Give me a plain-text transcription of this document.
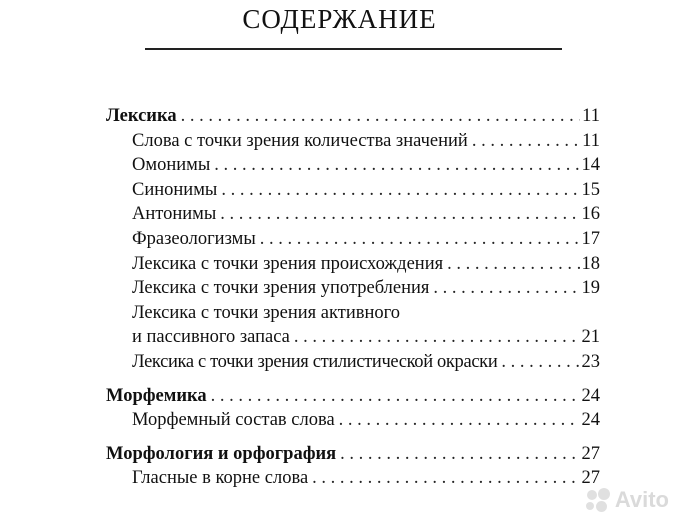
СОДЕРЖАНИЕ
Лексика . . .	11
Слова с точки зрения количества значений . . .	11
Омонимы . . .	14
Синонимы . . .	15
Антонимы . . .	16
Фразеологизмы . . .	17
Лексика с точки зрения происхождения . . .	18
Лексика с точки зрения употребления . . .	19
Лексика с точки зрения активного
и пассивного запаса . . .	21
Лексика с точки зрения стилистической окраски . . .	23
Морфемика . . .	24
Морфемный состав слова . . .	24
Морфология и орфография . . .	27
Гласные в корне слова . . .	27
Avito
